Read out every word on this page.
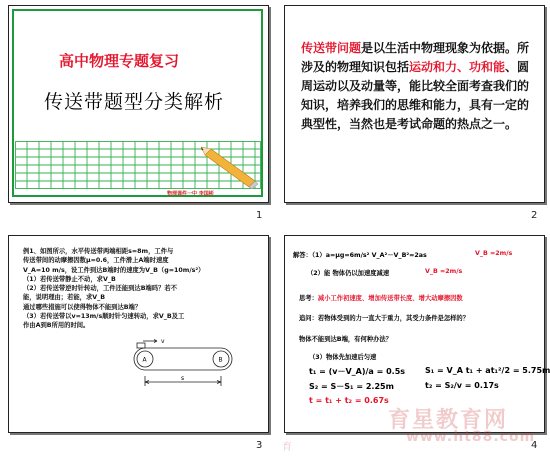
高中物理专题复习
传送带题型分类解析
物理课件一中 李国彬
1
传送带问题是以生活中物理现象为依据。所涉及的物理知识包括运动和力、功和能、圆周运动以及动量等，能比较全面考查我们的知识，培养我们的思维和能力，具有一定的典型性，当然也是考试命题的热点之一。
2
例1、如图所示，水平传送带两端相距s=8m，工件与
传送带间的动摩擦因数μ=0.6，工件滑上A端时速度
V_A=10 m/s，设工件到达B端时的速度为V_B（g=10m/s²）
（1）若传送带静止不动，求V_B
（2）若传送带逆时针转动，工件还能到达B端吗？若不
能，说明理由；若能，求V_B
通过哪些措施可以使得物体不能到达B端？
（3）若传送带以v=13m/s顺时针匀速转动，求V_B及工
作由A到B所用的时间。
v
A	B
s
3
解答：（1）a=μg=6m/s² V_A²－V_B²=2as	V_B =2m/s
（2）能 物体仍以加速度减速	V_B =2m/s
思考：减小工作初速度、增加传送带长度、增大动摩擦因数
追问：若物体受到的力一直大于重力，其受力条件是怎样的？
物体不能到达B端，有何种办法？
（3）物体先加速后匀速
t₁ = (v－V_A)/a = 0.5s S₁ = V_A t₁ + at₁²/2 = 5.75m
S₂ = S－S₁ = 2.25m	t₂ = S₂/v = 0.17s
t = t₁ + t₂ = 0.67s
4
育星教育网
www.ht88.com
育
